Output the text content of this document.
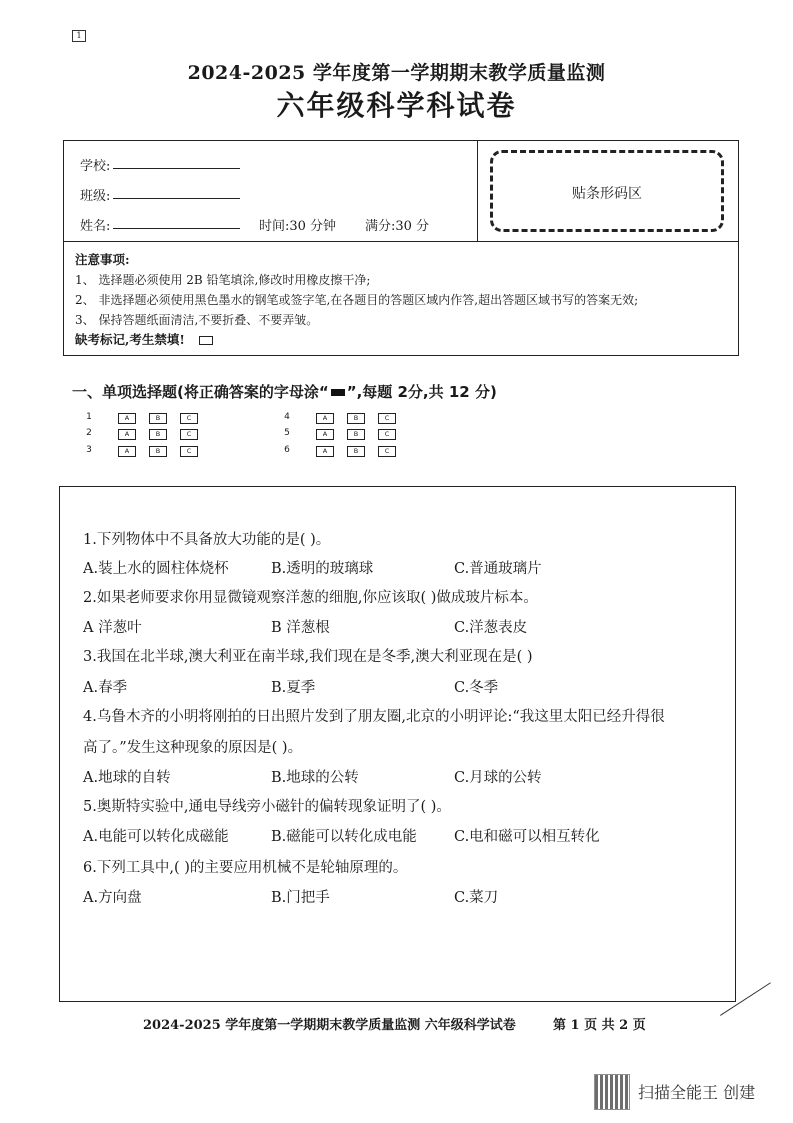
1
2024-2025 学年度第一学期期末教学质量监测
六年级科学科试卷
学校:
班级:
姓名:	时间:30 分钟 满分:30 分
贴条形码区
注意事项:
1、 选择题必须使用 2B 铅笔填涂,修改时用橡皮擦干净;
2、 非选择题必须使用黑色墨水的钢笔或签字笔,在各题目的答题区域内作答,超出答题区域书写的答案无效;
3、 保持答题纸面清洁,不要折叠、不要弄皱。
缺考标记,考生禁填!
一、单项选择题(将正确答案的字母涂“ ”,每题 2分,共 12 分)
1	A	B	C
2	A	B	C
3	A	B	C
4	A	B	C
5	A	B	C
6	A	B	C
1.下列物体中不具备放大功能的是( )。
A.装上水的圆柱体烧杯	B.透明的玻璃球	C.普通玻璃片
2.如果老师要求你用显微镜观察洋葱的细胞,你应该取( )做成玻片标本。
A 洋葱叶	B 洋葱根	C.洋葱表皮
3.我国在北半球,澳大利亚在南半球,我们现在是冬季,澳大利亚现在是( )
A.春季	B.夏季	C.冬季
4.乌鲁木齐的小明将刚拍的日出照片发到了朋友圈,北京的小明评论:“我这里太阳已经升得很
高了。”发生这种现象的原因是( )。
A.地球的自转	B.地球的公转	C.月球的公转
5.奥斯特实验中,通电导线旁小磁针的偏转现象证明了( )。
A.电能可以转化成磁能	B.磁能可以转化成电能	C.电和磁可以相互转化
6.下列工具中,( )的主要应用机械不是轮轴原理的。
A.方向盘	B.门把手	C.菜刀
2024-2025 学年度第一学期期末教学质量监测 六年级科学试卷	第 1 页 共 2 页
扫描全能王 创建
